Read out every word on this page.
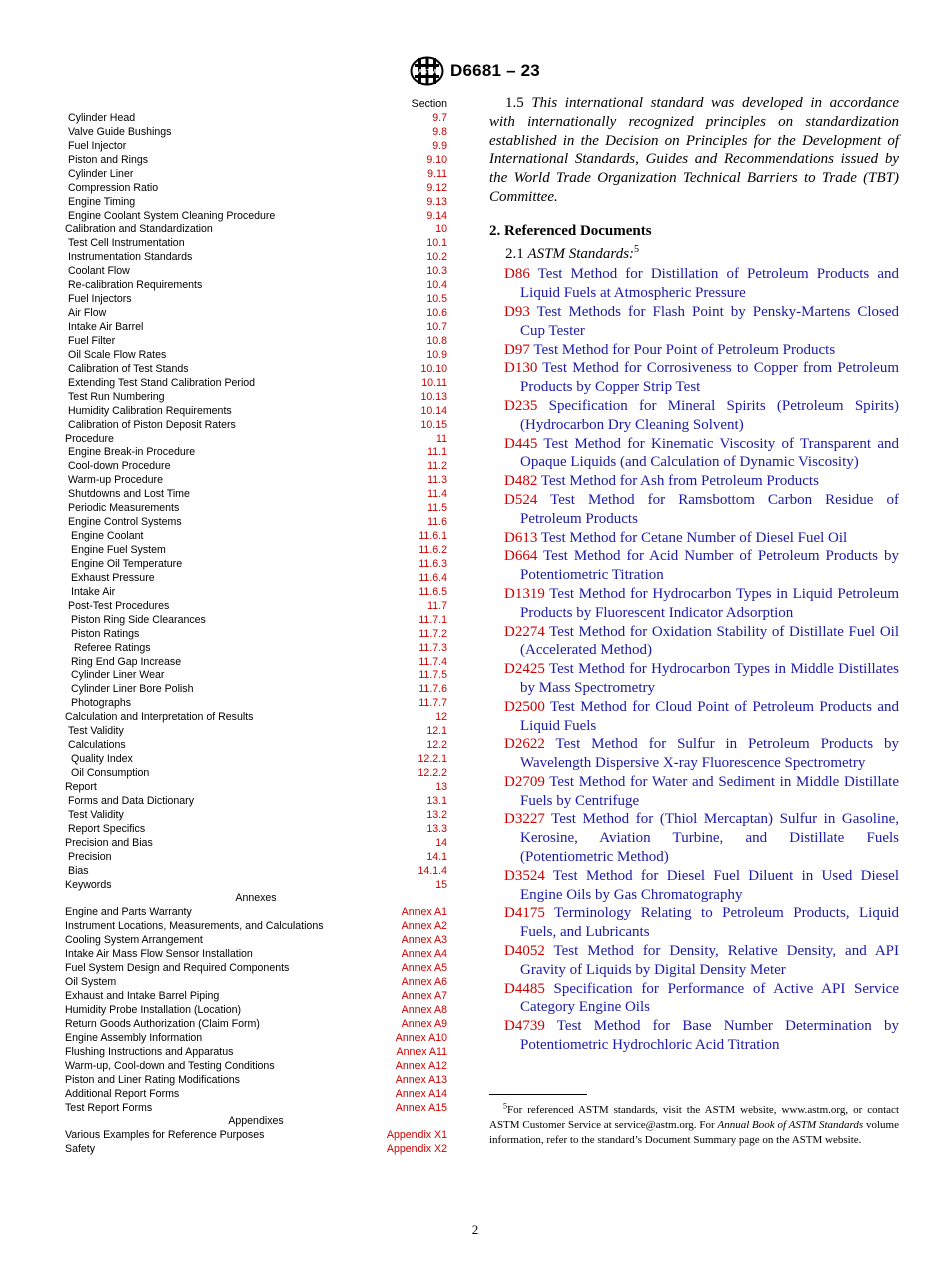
ASTM D6681 – 23
Section
Cylinder Head	9.7
Valve Guide Bushings	9.8
Fuel Injector	9.9
Piston and Rings	9.10
Cylinder Liner	9.11
Compression Ratio	9.12
Engine Timing	9.13
Engine Coolant System Cleaning Procedure	9.14
Calibration and Standardization	10
Test Cell Instrumentation	10.1
Instrumentation Standards	10.2
Coolant Flow	10.3
Re-calibration Requirements	10.4
Fuel Injectors	10.5
Air Flow	10.6
Intake Air Barrel	10.7
Fuel Filter	10.8
Oil Scale Flow Rates	10.9
Calibration of Test Stands	10.10
Extending Test Stand Calibration Period	10.11
Test Run Numbering	10.13
Humidity Calibration Requirements	10.14
Calibration of Piston Deposit Raters	10.15
Procedure	11
Engine Break-in Procedure	11.1
Cool-down Procedure	11.2
Warm-up Procedure	11.3
Shutdowns and Lost Time	11.4
Periodic Measurements	11.5
Engine Control Systems	11.6
Engine Coolant	11.6.1
Engine Fuel System	11.6.2
Engine Oil Temperature	11.6.3
Exhaust Pressure	11.6.4
Intake Air	11.6.5
Post-Test Procedures	11.7
Piston Ring Side Clearances	11.7.1
Piston Ratings	11.7.2
Referee Ratings	11.7.3
Ring End Gap Increase	11.7.4
Cylinder Liner Wear	11.7.5
Cylinder Liner Bore Polish	11.7.6
Photographs	11.7.7
Calculation and Interpretation of Results	12
Test Validity	12.1
Calculations	12.2
Quality Index	12.2.1
Oil Consumption	12.2.2
Report	13
Forms and Data Dictionary	13.1
Test Validity	13.2
Report Specifics	13.3
Precision and Bias	14
Precision	14.1
Bias	14.1.4
Keywords	15
Annexes
Engine and Parts Warranty	Annex A1
Instrument Locations, Measurements, and Calculations	Annex A2
Cooling System Arrangement	Annex A3
Intake Air Mass Flow Sensor Installation	Annex A4
Fuel System Design and Required Components	Annex A5
Oil System	Annex A6
Exhaust and Intake Barrel Piping	Annex A7
Humidity Probe Installation (Location)	Annex A8
Return Goods Authorization (Claim Form)	Annex A9
Engine Assembly Information	Annex A10
Flushing Instructions and Apparatus	Annex A11
Warm-up, Cool-down and Testing Conditions	Annex A12
Piston and Liner Rating Modifications	Annex A13
Additional Report Forms	Annex A14
Test Report Forms	Annex A15
Appendixes
Various Examples for Reference Purposes	Appendix X1
Safety	Appendix X2

1.5 This international standard was developed in accordance with internationally recognized principles on standardization established in the Decision on Principles for the Development of International Standards, Guides and Recommendations issued by the World Trade Organization Technical Barriers to Trade (TBT) Committee.

2. Referenced Documents
2.1 ASTM Standards:$^5$

D86 Test Method for Distillation of Petroleum Products and Liquid Fuels at Atmospheric Pressure

D93 Test Methods for Flash Point by Pensky-Martens Closed Cup Tester

D97 Test Method for Pour Point of Petroleum Products

D130 Test Method for Corrosiveness to Copper from Petroleum Products by Copper Strip Test

D235 Specification for Mineral Spirits (Petroleum Spirits) (Hydrocarbon Dry Cleaning Solvent)

D445 Test Method for Kinematic Viscosity of Transparent and Opaque Liquids (and Calculation of Dynamic Viscosity)

D482 Test Method for Ash from Petroleum Products

D524 Test Method for Ramsbottom Carbon Residue of Petroleum Products

D613 Test Method for Cetane Number of Diesel Fuel Oil

D664 Test Method for Acid Number of Petroleum Products by Potentiometric Titration

D1319 Test Method for Hydrocarbon Types in Liquid Petroleum Products by Fluorescent Indicator Adsorption

D2274 Test Method for Oxidation Stability of Distillate Fuel Oil (Accelerated Method)

D2425 Test Method for Hydrocarbon Types in Middle Distillates by Mass Spectrometry

D2500 Test Method for Cloud Point of Petroleum Products and Liquid Fuels

D2622 Test Method for Sulfur in Petroleum Products by Wavelength Dispersive X-ray Fluorescence Spectrometry

D2709 Test Method for Water and Sediment in Middle Distillate Fuels by Centrifuge

D3227 Test Method for (Thiol Mercaptan) Sulfur in Gasoline, Kerosine, Aviation Turbine, and Distillate Fuels (Potentiometric Method)

D3524 Test Method for Diesel Fuel Diluent in Used Diesel Engine Oils by Gas Chromatography

D4175 Terminology Relating to Petroleum Products, Liquid Fuels, and Lubricants

D4052 Test Method for Density, Relative Density, and API Gravity of Liquids by Digital Density Meter

D4485 Specification for Performance of Active API Service Category Engine Oils

D4739 Test Method for Base Number Determination by Potentiometric Hydrochloric Acid Titration

$^5$For referenced ASTM standards, visit the ASTM website, www.astm.org, or contact ASTM Customer Service at service@astm.org. For Annual Book of ASTM Standards volume information, refer to the standard’s Document Summary page on the ASTM website.
2
